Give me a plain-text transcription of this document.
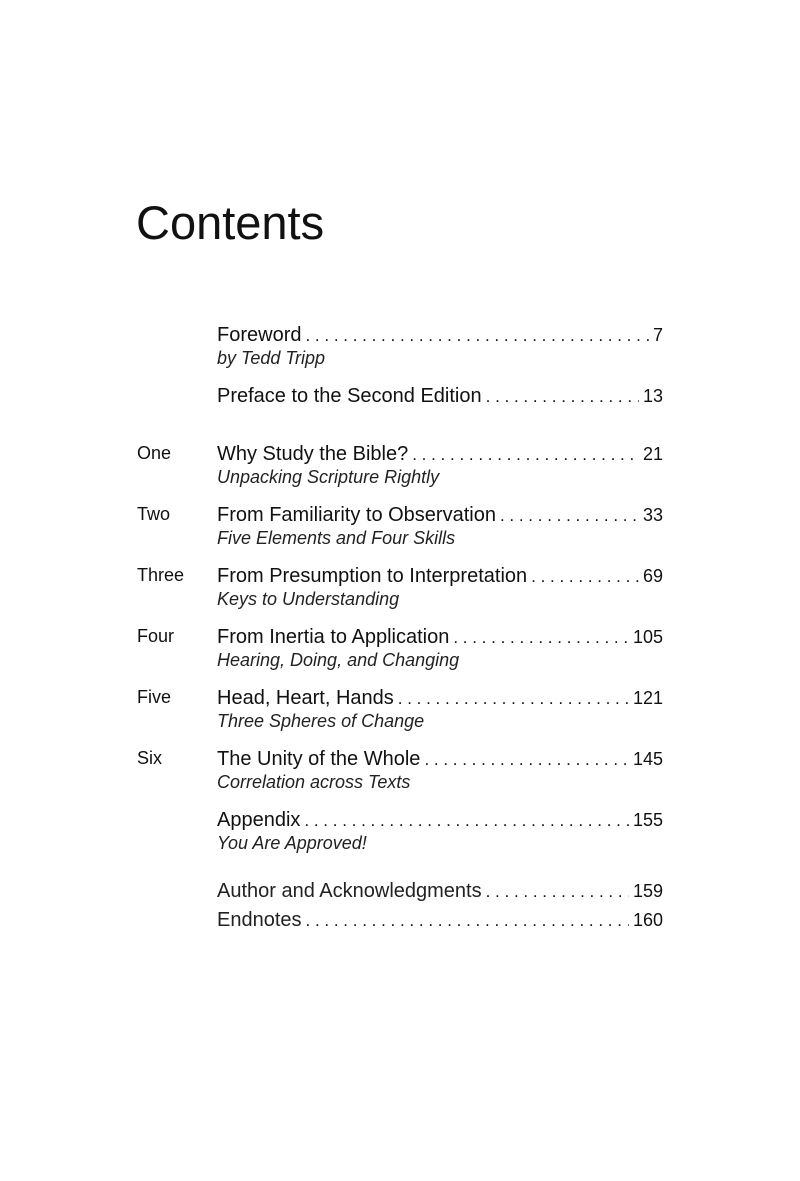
Contents
Foreword . . .	7
by Tedd Tripp
Preface to the Second Edition . . .	13
One Why Study the Bible? . . .	21
Unpacking Scripture Rightly
Two From Familiarity to Observation . . .	33
Five Elements and Four Skills
Three From Presumption to Interpretation . . .	69
Keys to Understanding
Four From Inertia to Application . . .	105
Hearing, Doing, and Changing
Five Head, Heart, Hands . . .	121
Three Spheres of Change
Six	The Unity of the Whole . . .	145
Correlation across Texts
Appendix . . .	155
You Are Approved!
Author and Acknowledgments . . .	159
Endnotes . . .	160
